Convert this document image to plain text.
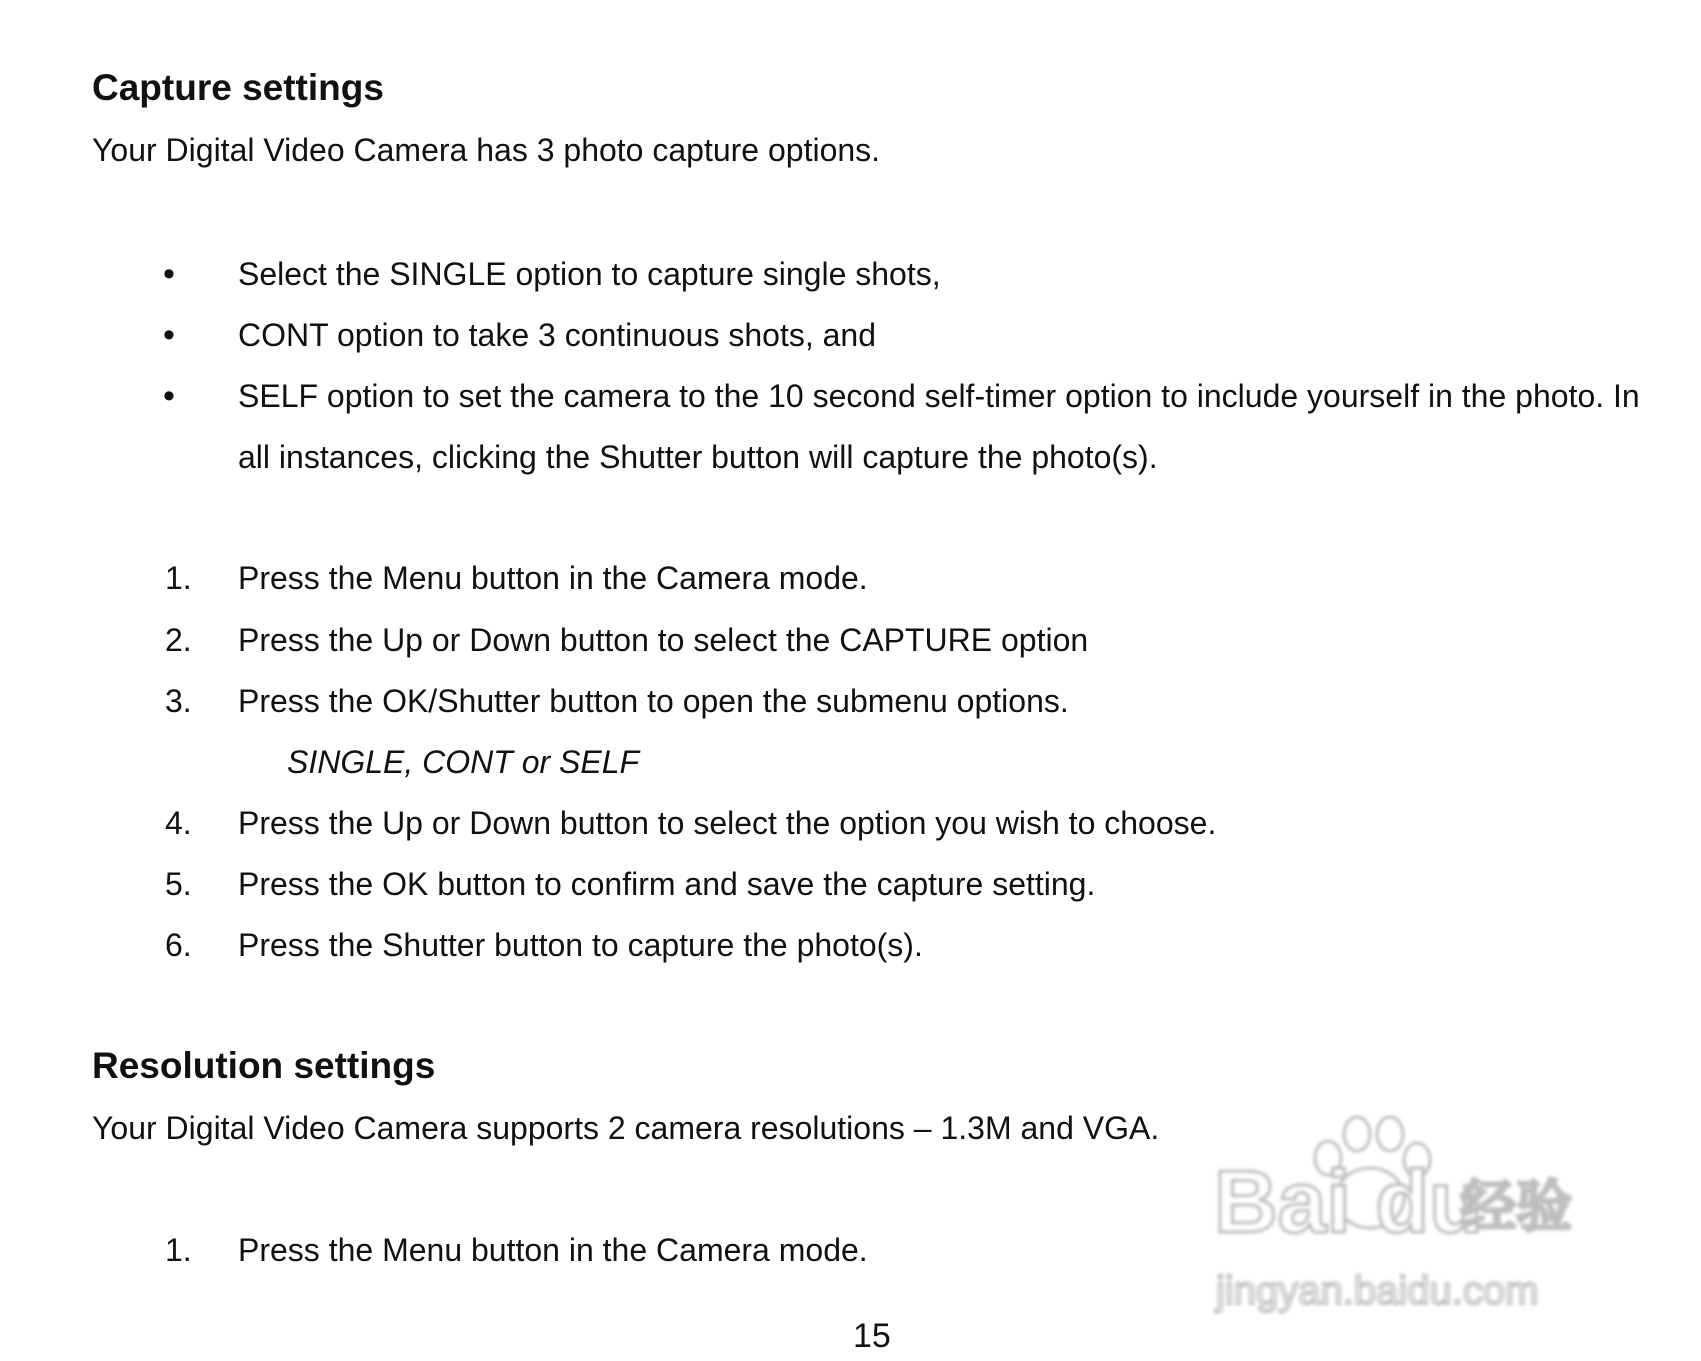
Capture settings
Your Digital Video Camera has 3 photo capture options.
• Select the SINGLE option to capture single shots,
• CONT option to take 3 continuous shots, and
• SELF option to set the camera to the 10 second self-timer option to include yourself in the photo. In
all instances, clicking the Shutter button will capture the photo(s).
1. Press the Menu button in the Camera mode.
2. Press the Up or Down button to select the CAPTURE option
3. Press the OK/Shutter button to open the submenu options.
SINGLE, CONT or SELF
4. Press the Up or Down button to select the option you wish to choose.
5. Press the OK button to confirm and save the capture setting.
6. Press the Shutter button to capture the photo(s).
Resolution settings
Your Digital Video Camera supports 2 camera resolutions – 1.3M and VGA.
1. Press the Menu button in the Camera mode.
15
Bai du
经验
jingyan.baidu.com
